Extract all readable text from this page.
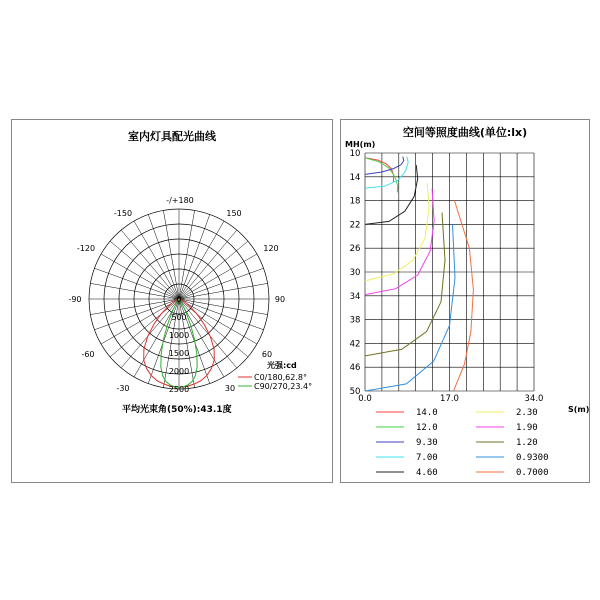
室内灯具配光曲线
-/+180
-150	150
-120	120
-90	90
-60	60
-30	30
0
500
1000
1500
2000
2500
光强:cd
C0/180,62.8°
C90/270,23.4°
平均光束角(50%):43.1度
空间等照度曲线(单位:lx)
MH(m)
S(m)
10
14
18
22
26
30
34
38
42
46
50
0.0	17.0	34.0
14.0
12.0
9.30
7.00
4.60
2.30
1.90
1.20
0.9300
0.7000
